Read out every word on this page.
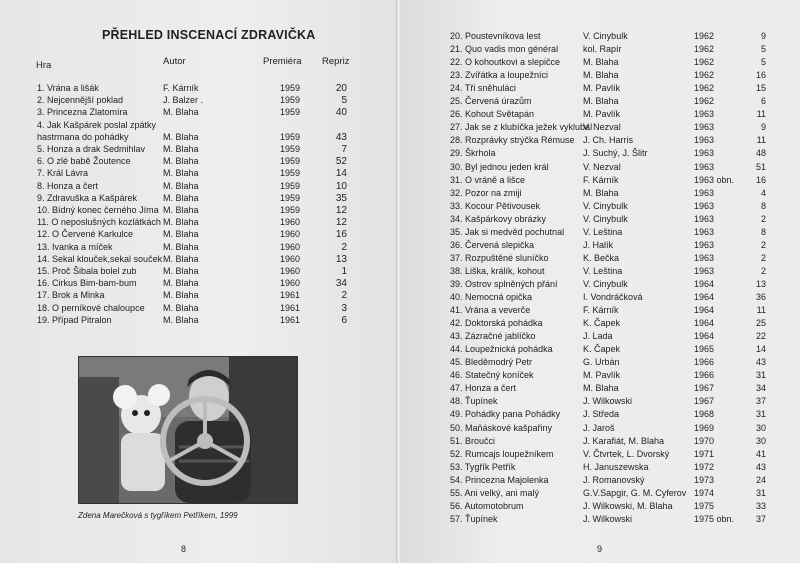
PŘEHLED INSCENACÍ ZDRAVIČKA
Hra	Autor	Premiéra Repriz
1. Vrána a lišák	F. Kárník	1959	20
2. Nejcennější poklad	J. Balzer .	1959	5
3. Princezna Zlatomíra	M. Blaha	1959	40
4. Jak Kašpárek poslal zpátky
hastrmana do pohádky	M. Blaha	1959	43
5. Honza a drak Sedmihlav M. Blaha	1959	7
6. O zlé babě Žoutence	M. Blaha	1959	52
7. Král Lávra	M. Blaha	1959	14
8. Honza a čert	M. Blaha	1959	10
9. Zdravuška a Kašpárek	M. Blaha	1959	35
10. Bídný konec černého Jíma M. Blaha	1959	12
11. O neposlušných kozlátkách M. Blaha	1960	12
12. O Červené Karkulce	M. Blaha	1960	16
13. Ivanka a míček	M. Blaha	1960	2
14. Sekal klouček,sekal souček M. Blaha	1960	13
15. Proč Šibala bolel zub	M. Blaha	1960	1
16. Cirkus Bim-bam-bum	M. Blaha	1960	34
17. Brok a Minka	M. Blaha	1961	2
18. O perníkové chaloupce M. Blaha	1961	3
19. Případ Pitralon	M. Blaha	1961	6
Zdena Marečková s tygříkem Petříkem, 1999
8
20. Poustevníkova lest	V. Cinybulk	1962	9
21. Quo vadis mon général	kol. Rapír	1962	5
22. O kohoutkovi a slepičce	M. Blaha	1962	5
23. Zvířátka a loupežníci	M. Blaha	1962	16
24. Tři sněhuláci	M. Pavlík	1962	15
25. Červená úrazům	M. Blaha	1962	6
26. Kohout Světapán	M. Pavlík	1963	11
27. Jak se z klubíčka ježek vyklubal
V. Nezval	1963	9
28. Rozprávky strýčka Rémuse J. Ch. Harris	1963	11
29. Škrhola	J. Suchý, J. Šlitr	1963	48
30. Byl jednou jeden král	V. Nezval	1963	51
31. O vráně a lišce	F. Kárník	1963 obn.	16
32. Pozor na zmiji	M. Blaha	1963	4
33. Kocour Pětivousek	V. Cinybulk	1963	8
34. Kašpárkovy obrázky	V. Cinybulk	1963	2
35. Jak si medvěd pochutnal V. Leština	1963	8
36. Červená slepička	J. Halík	1963	2
37. Rozpuštěné sluníčko	K. Bečka	1963	2
38. Liška, králík, kohout	V. Leština	1963	2
39. Ostrov splněných přání	V. Cinybulk	1964	13
40. Nemocná opička	I. Vondráčková	1964	36
41. Vrána a veverče	F. Kárník	1964	11
42. Doktorská pohádka	K. Čapek	1964	25
43. Zázračné jablíčko	J. Lada	1964	22
44. Loupežnická pohádka	K. Čapek	1965	14
45. Bleděmodrý Petr	G. Urbán	1966	43
46. Statečný koníček	M. Pavlík	1966	31
47. Honza a čert	M. Blaha	1967	34
48. Ťupínek	J. Wilkowski	1967	37
49. Pohádky pana Pohádky	J. Středa	1968	31
50. Maňáskové kašpařiny	J. Jaroš	1969	30
51. Broučci	J. Karafiát, M. Blaha	1970	30
52. Rumcajs loupežníkem	V. Čtvrtek, L. Dvorský	1971	41
53. Tygřík Petřík	H. Januszewska	1972	43
54. Princezna Majolenka	J. Romanovský	1973	24
55. Ani velký, ani malý	G.V.Sapgir, G. M. Cyferov 1974	31
56. Automotobrum	J. Wilkowski, M. Blaha 1975	33
57. Ťupínek	J. Wilkowski	1975 obn.	37
9
